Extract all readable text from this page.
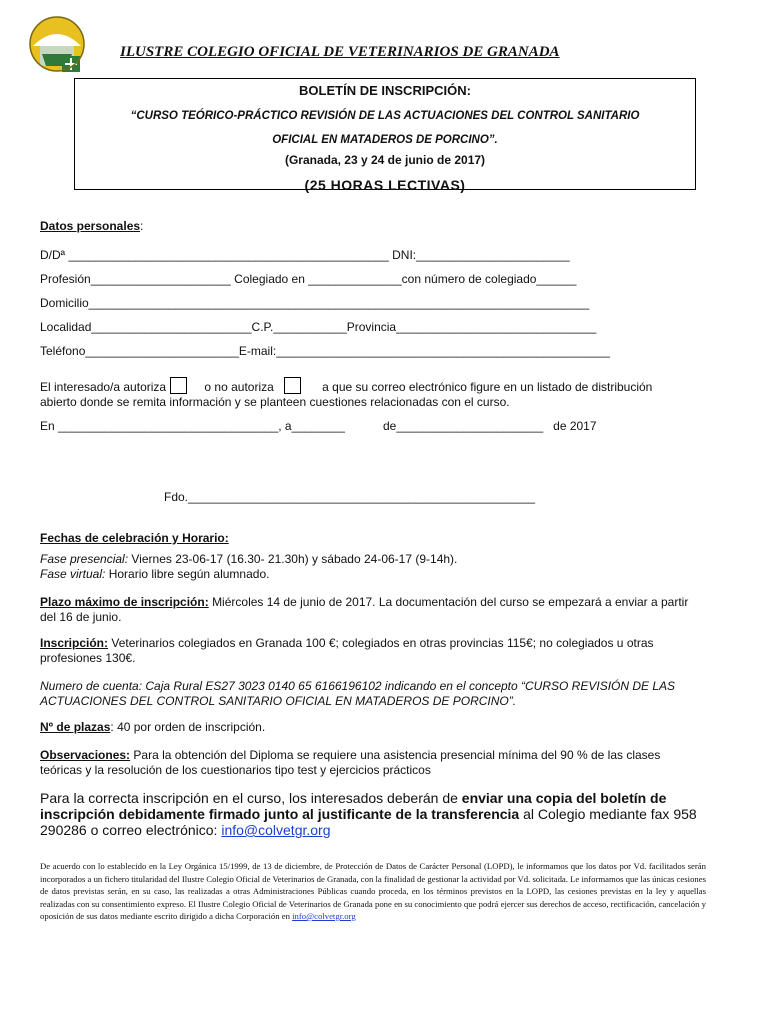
ILUSTRE COLEGIO OFICIAL DE VETERINARIOS DE GRANADA
BOLETÍN DE INSCRIPCIÓN:
“CURSO TEÓRICO-PRÁCTICO REVISIÓN DE LAS ACTUACIONES DEL CONTROL SANITARIO
OFICIAL EN MATADEROS DE PORCINO”.
(Granada, 23 y 24 de junio de 2017)
(25 HORAS LECTIVAS)
Datos personales:
D/Dª ________________________________________________ DNI:_______________________
Profesión_____________________ Colegiado en ______________con número de colegiado______
Domicilio___________________________________________________________________________
Localidad________________________C.P.___________Provincia______________________________
Teléfono_______________________E-mail:__________________________________________________
El interesado/a autoriza	o no autoriza	a que su correo electrónico figure en un listado de distribución
abierto donde se remita información y se planteen cuestiones relacionadas con el curso.
En _________________________________, a________	de______________________ de 2017
Fdo.____________________________________________________
Fechas de celebración y Horario:
Fase presencial: Viernes 23-06-17 (16.30- 21.30h) y sábado 24-06-17 (9-14h).
Fase virtual: Horario libre según alumnado.
Plazo máximo de inscripción: Miércoles 14 de junio de 2017. La documentación del curso se empezará a enviar a partir del 16 de junio.
Inscripción: Veterinarios colegiados en Granada 100 €; colegiados en otras provincias 115€; no colegiados u otras profesiones 130€.
Numero de cuenta: Caja Rural ES27 3023 0140 65 6166196102 indicando en el concepto “CURSO REVISIÓN DE LAS ACTUACIONES DEL CONTROL SANITARIO OFICIAL EN MATADEROS DE PORCINO”.
Nº de plazas: 40 por orden de inscripción.
Observaciones: Para la obtención del Diploma se requiere una asistencia presencial mínima del 90 % de las clases teóricas y la resolución de los cuestionarios tipo test y ejercicios prácticos
Para la correcta inscripción en el curso, los interesados deberán de enviar una copia del boletín de inscripción debidamente firmado junto al justificante de la transferencia al Colegio mediante fax 958 290286 o correo electrónico: info@colvetgr.org
De acuerdo con lo establecido en la Ley Orgánica 15/1999, de 13 de diciembre, de Protección de Datos de Carácter Personal (LOPD), le informamos que los datos por Vd. facilitados serán incorporados a un fichero titularidad del Ilustre Colegio Oficial de Veterinarios de Granada, con la finalidad de gestionar la actividad por Vd. solicitada. Le informamos que las únicas cesiones de datos previstas serán, en su caso, las realizadas a otras Administraciones Públicas cuando proceda, en los términos previstos en la LOPD, las cesiones previstas en la ley y aquellas realizadas con su consentimiento expreso. El Ilustre Colegio Oficial de Veterinarios de Granada pone en su conocimiento que podrá ejercer sus derechos de acceso, rectificación, cancelación y oposición de sus datos mediante escrito dirigido a dicha Corporación en info@colvetgr.org
